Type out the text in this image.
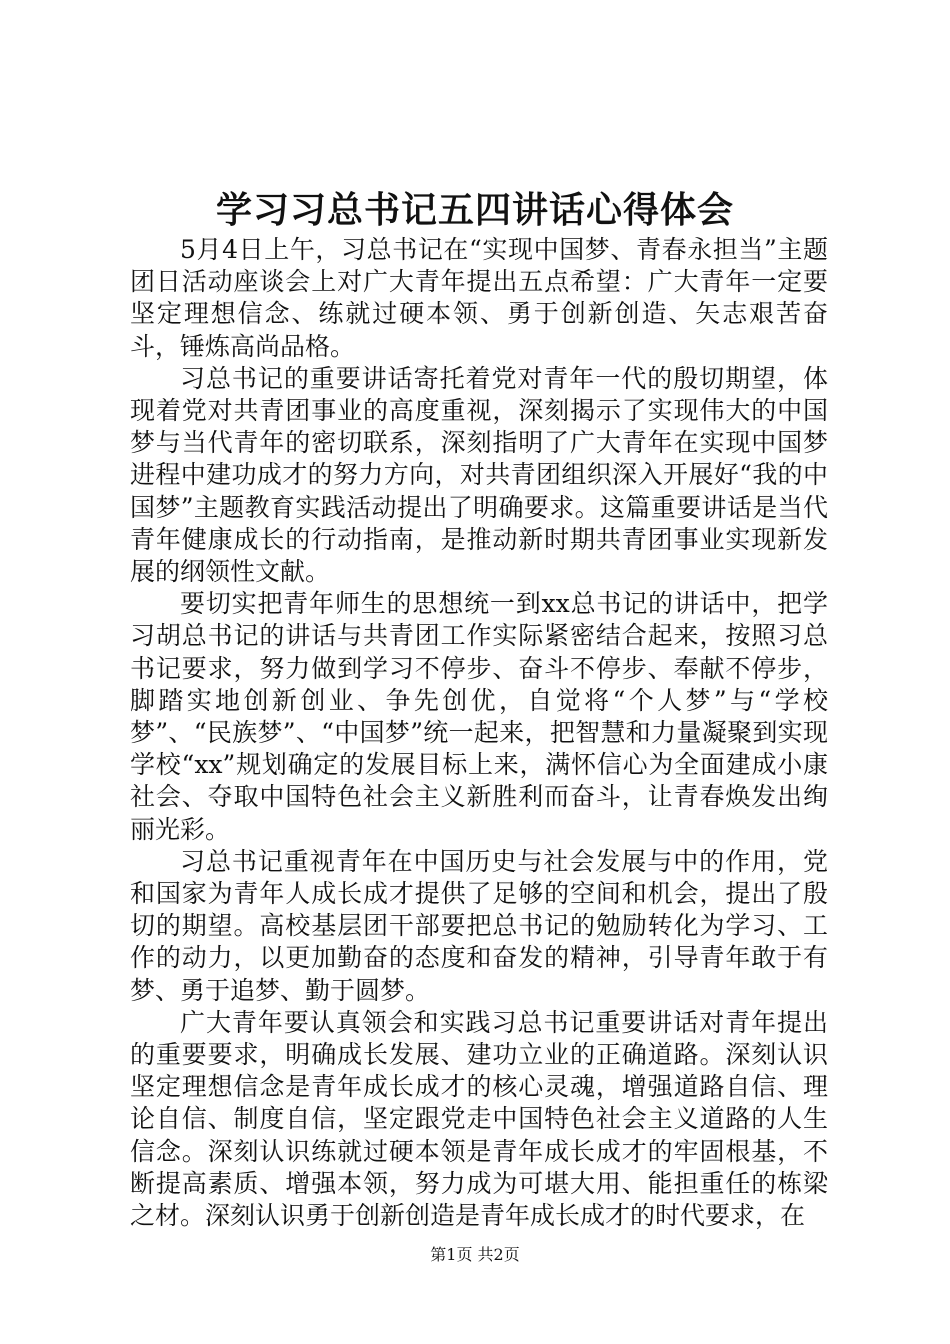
学习习总书记五四讲话心得体会

5月4日上午，习总书记在“实现中国梦、青春永担当”主题团日活动座谈会上对广大青年提出五点希望：广大青年一定要坚定理想信念、练就过硬本领、勇于创新创造、矢志艰苦奋斗，锤炼高尚品格。

习总书记的重要讲话寄托着党对青年一代的殷切期望，体现着党对共青团事业的高度重视，深刻揭示了实现伟大的中国梦与当代青年的密切联系，深刻指明了广大青年在实现中国梦进程中建功成才的努力方向，对共青团组织深入开展好“我的中国梦”主题教育实践活动提出了明确要求。这篇重要讲话是当代青年健康成长的行动指南，是推动新时期共青团事业实现新发展的纲领性文献。

要切实把青年师生的思想统一到xx总书记的讲话中，把学习胡总书记的讲话与共青团工作实际紧密结合起来，按照习总书记要求，努力做到学习不停步、奋斗不停步、奉献不停步，脚踏实地创新创业、争先创优，自觉将“个人梦”与“学校梦”、“民族梦”、“中国梦”统一起来，把智慧和力量凝聚到实现学校“xx”规划确定的发展目标上来，满怀信心为全面建成小康社会、夺取中国特色社会主义新胜利而奋斗，让青春焕发出绚丽光彩。

习总书记重视青年在中国历史与社会发展与中的作用，党和国家为青年人成长成才提供了足够的空间和机会，提出了殷切的期望。高校基层团干部要把总书记的勉励转化为学习、工作的动力，以更加勤奋的态度和奋发的精神，引导青年敢于有梦、勇于追梦、勤于圆梦。

广大青年要认真领会和实践习总书记重要讲话对青年提出的重要要求，明确成长发展、建功立业的正确道路。深刻认识坚定理想信念是青年成长成才的核心灵魂，增强道路自信、理论自信、制度自信，坚定跟党走中国特色社会主义道路的人生信念。深刻认识练就过硬本领是青年成长成才的牢固根基，不断提高素质、增强本领，努力成为可堪大用、能担重任的栋梁之材。深刻认识勇于创新创造是青年成长成才的时代要求，在

第1页 共2页
